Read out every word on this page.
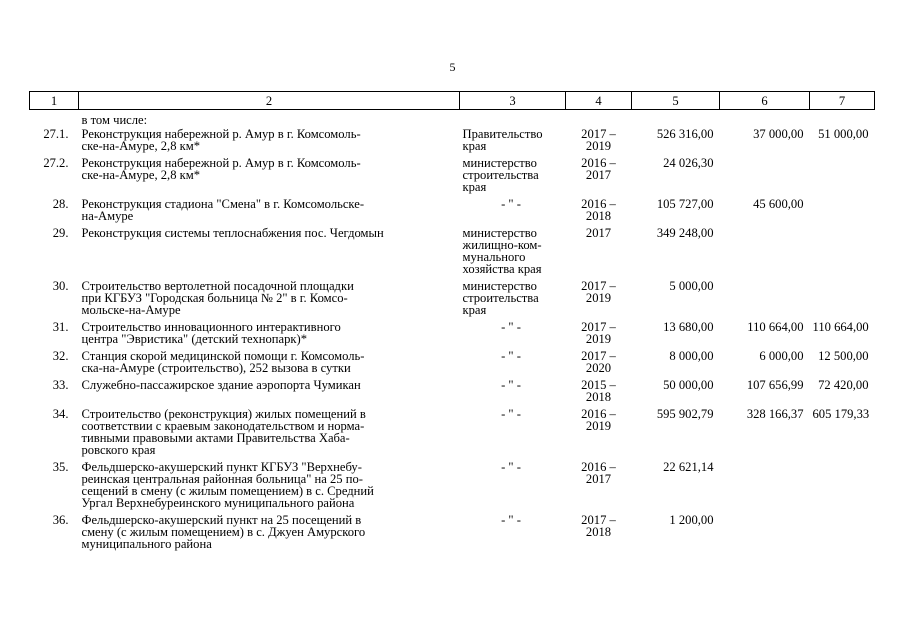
5
1	2	3	4	5	6	7
	в том числе:					
27.1.	Реконструкция набережной р. Амур в г. Комсомоль-
ске-на-Амуре, 2,8 км*	Правительство
края	2017 –
2019	526 316,00	37 000,00	51 000,00
27.2.	Реконструкция набережной р. Амур в г. Комсомоль-
ске-на-Амуре, 2,8 км*	министерство
строительства
края	2016 –
2017	24 026,30		
28.	Реконструкция стадиона "Смена" в г. Комсомольске-
на-Амуре	- " -	2016 –
2018	105 727,00	45 600,00	
29.	Реконструкция системы теплоснабжения пос. Чегдомын	министерство
жилищно-ком-
мунального
хозяйства края	2017	349 248,00		
30.	Строительство вертолетной посадочной площадки
при КГБУЗ "Городская больница № 2" в г. Комсо-
мольске-на-Амуре	министерство
строительства
края	2017 –
2019	5 000,00		
31.	Строительство инновационного интерактивного
центра "Эвристика" (детский технопарк)*	- " -	2017 –
2019	13 680,00	110 664,00	110 664,00
32.	Станция скорой медицинской помощи г. Комсомоль-
ска-на-Амуре (строительство), 252 вызова в сутки	- " -	2017 –
2020	8 000,00	6 000,00	12 500,00
33.	Служебно-пассажирское здание аэропорта Чумикан	- " -	2015 –
2018	50 000,00	107 656,99	72 420,00
34.	Строительство (реконструкция) жилых помещений в
соответствии с краевым законодательством и норма-
тивными правовыми актами Правительства Хаба-
ровского края	- " -	2016 –
2019	595 902,79	328 166,37	605 179,33
35.	Фельдшерско-акушерский пункт КГБУЗ "Верхнебу-
реинская центральная районная больница" на 25 по-
сещений в смену (с жилым помещением) в с. Средний
Ургал Верхнебуреинского муниципального района	- " -	2016 –
2017	22 621,14		
36.	Фельдшерско-акушерский пункт на 25 посещений в
смену (с жилым помещением) в с. Джуен Амурского
муниципального района	- " -	2017 –
2018	1 200,00		
